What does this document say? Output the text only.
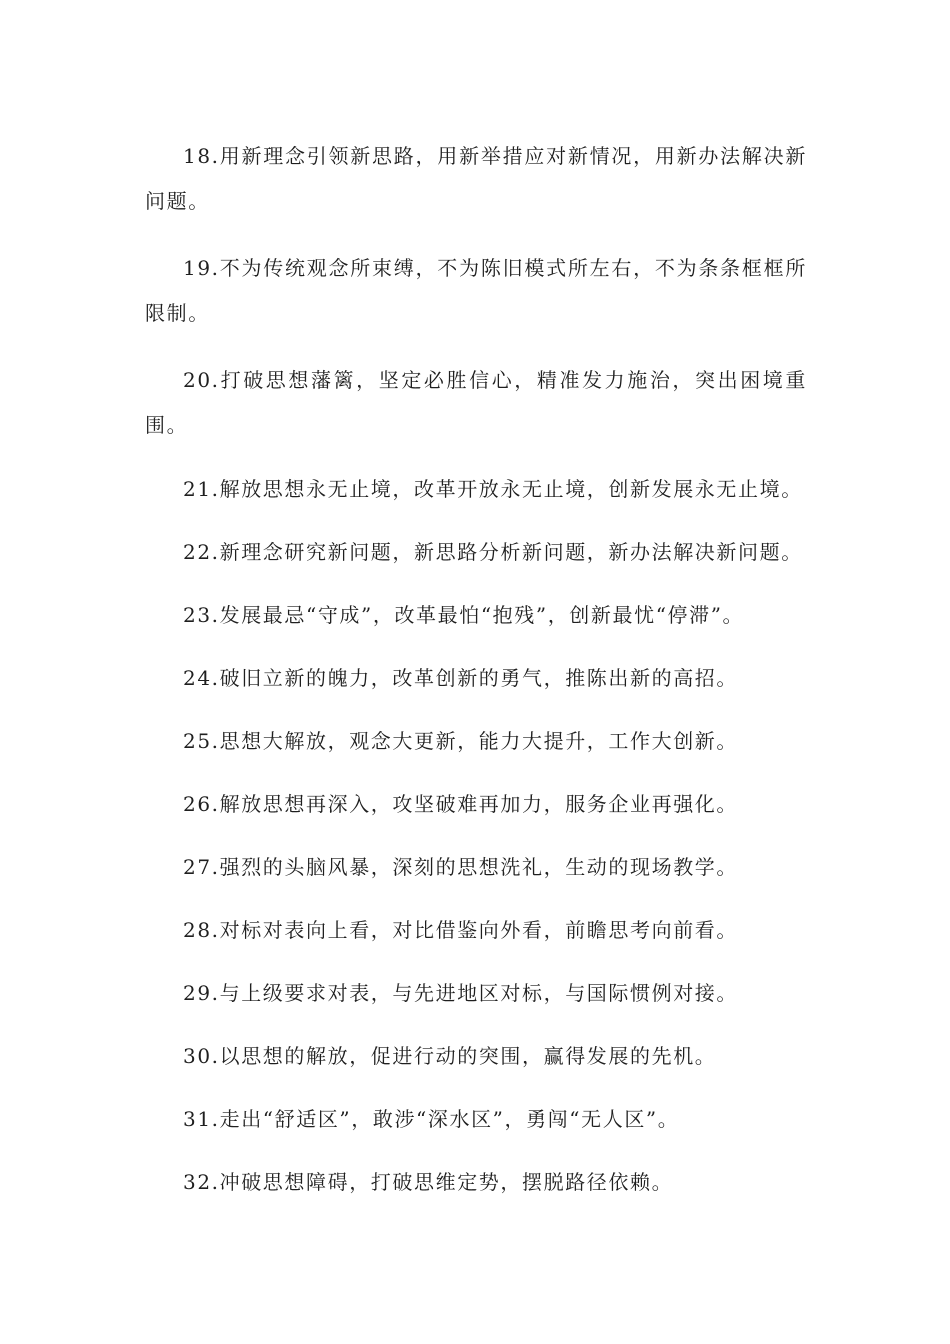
18.用新理念引领新思路，用新举措应对新情况，用新办法解决新问题。

19.不为传统观念所束缚，不为陈旧模式所左右，不为条条框框所限制。

20.打破思想藩篱，坚定必胜信心，精准发力施治，突出困境重围。

21.解放思想永无止境，改革开放永无止境，创新发展永无止境。

22.新理念研究新问题，新思路分析新问题，新办法解决新问题。

23.发展最忌“守成”，改革最怕“抱残”，创新最忧“停滞”。

24.破旧立新的魄力，改革创新的勇气，推陈出新的高招。

25.思想大解放，观念大更新，能力大提升，工作大创新。

26.解放思想再深入，攻坚破难再加力，服务企业再强化。

27.强烈的头脑风暴，深刻的思想洗礼，生动的现场教学。

28.对标对表向上看，对比借鉴向外看，前瞻思考向前看。

29.与上级要求对表，与先进地区对标，与国际惯例对接。

30.以思想的解放，促进行动的突围，赢得发展的先机。

31.走出“舒适区”，敢涉“深水区”，勇闯“无人区”。

32.冲破思想障碍，打破思维定势，摆脱路径依赖。
